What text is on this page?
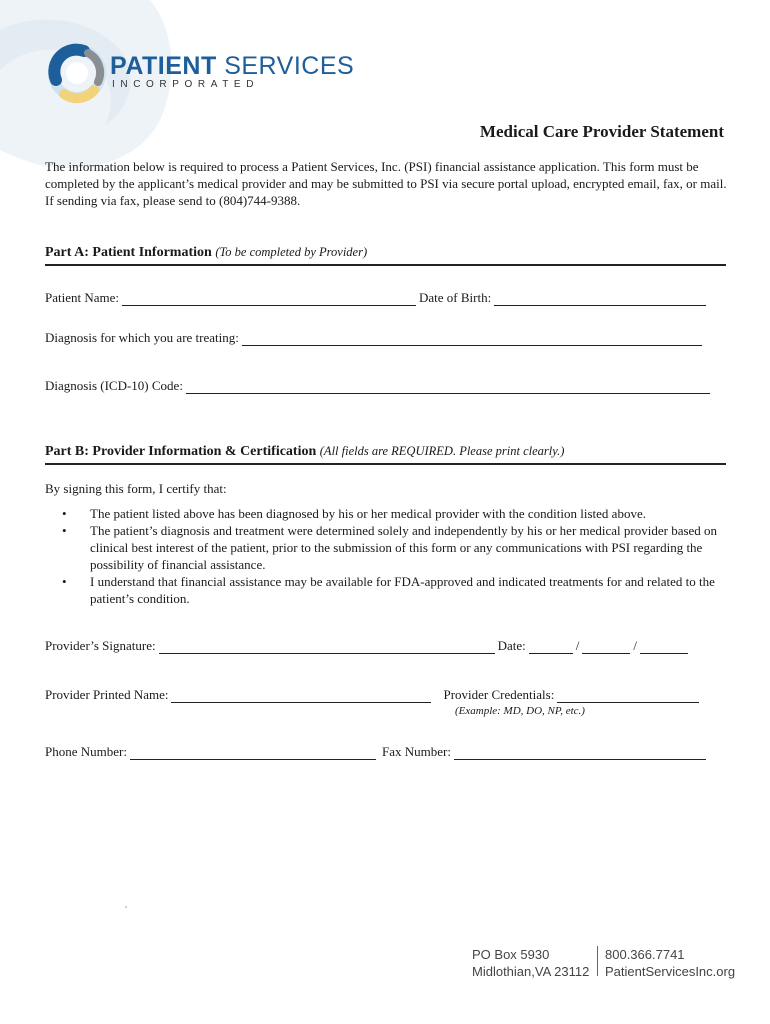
PATIENT SERVICES
INCORPORATED
Medical Care Provider Statement
The information below is required to process a Patient Services, Inc. (PSI) financial assistance application. This form must be completed by the applicant’s medical provider and may be submitted to PSI via secure portal upload, encrypted email, fax, or mail. If sending via fax, please send to (804)744-9388.
Part A: Patient Information (To be completed by Provider)
Patient Name:	Date of Birth:
Diagnosis for which you are treating:
Diagnosis (ICD-10) Code:
Part B: Provider Information & Certification (All fields are REQUIRED. Please print clearly.)
By signing this form, I certify that:
• The patient listed above has been diagnosed by his or her medical provider with the condition listed above.
• The patient’s diagnosis and treatment were determined solely and independently by his or her medical provider based on clinical best interest of the patient, prior to the submission of this form or any communications with PSI regarding the possibility of financial assistance.
• I understand that financial assistance may be available for FDA-approved and indicated treatments for and related to the patient’s condition.
Provider’s Signature:	Date:	/	/
Provider Printed Name:	Provider Credentials:
(Example: MD, DO, NP, etc.)
Phone Number:	Fax Number:
PO Box 5930
Midlothian,VA 23112
800.366.7741
PatientServicesInc.org
